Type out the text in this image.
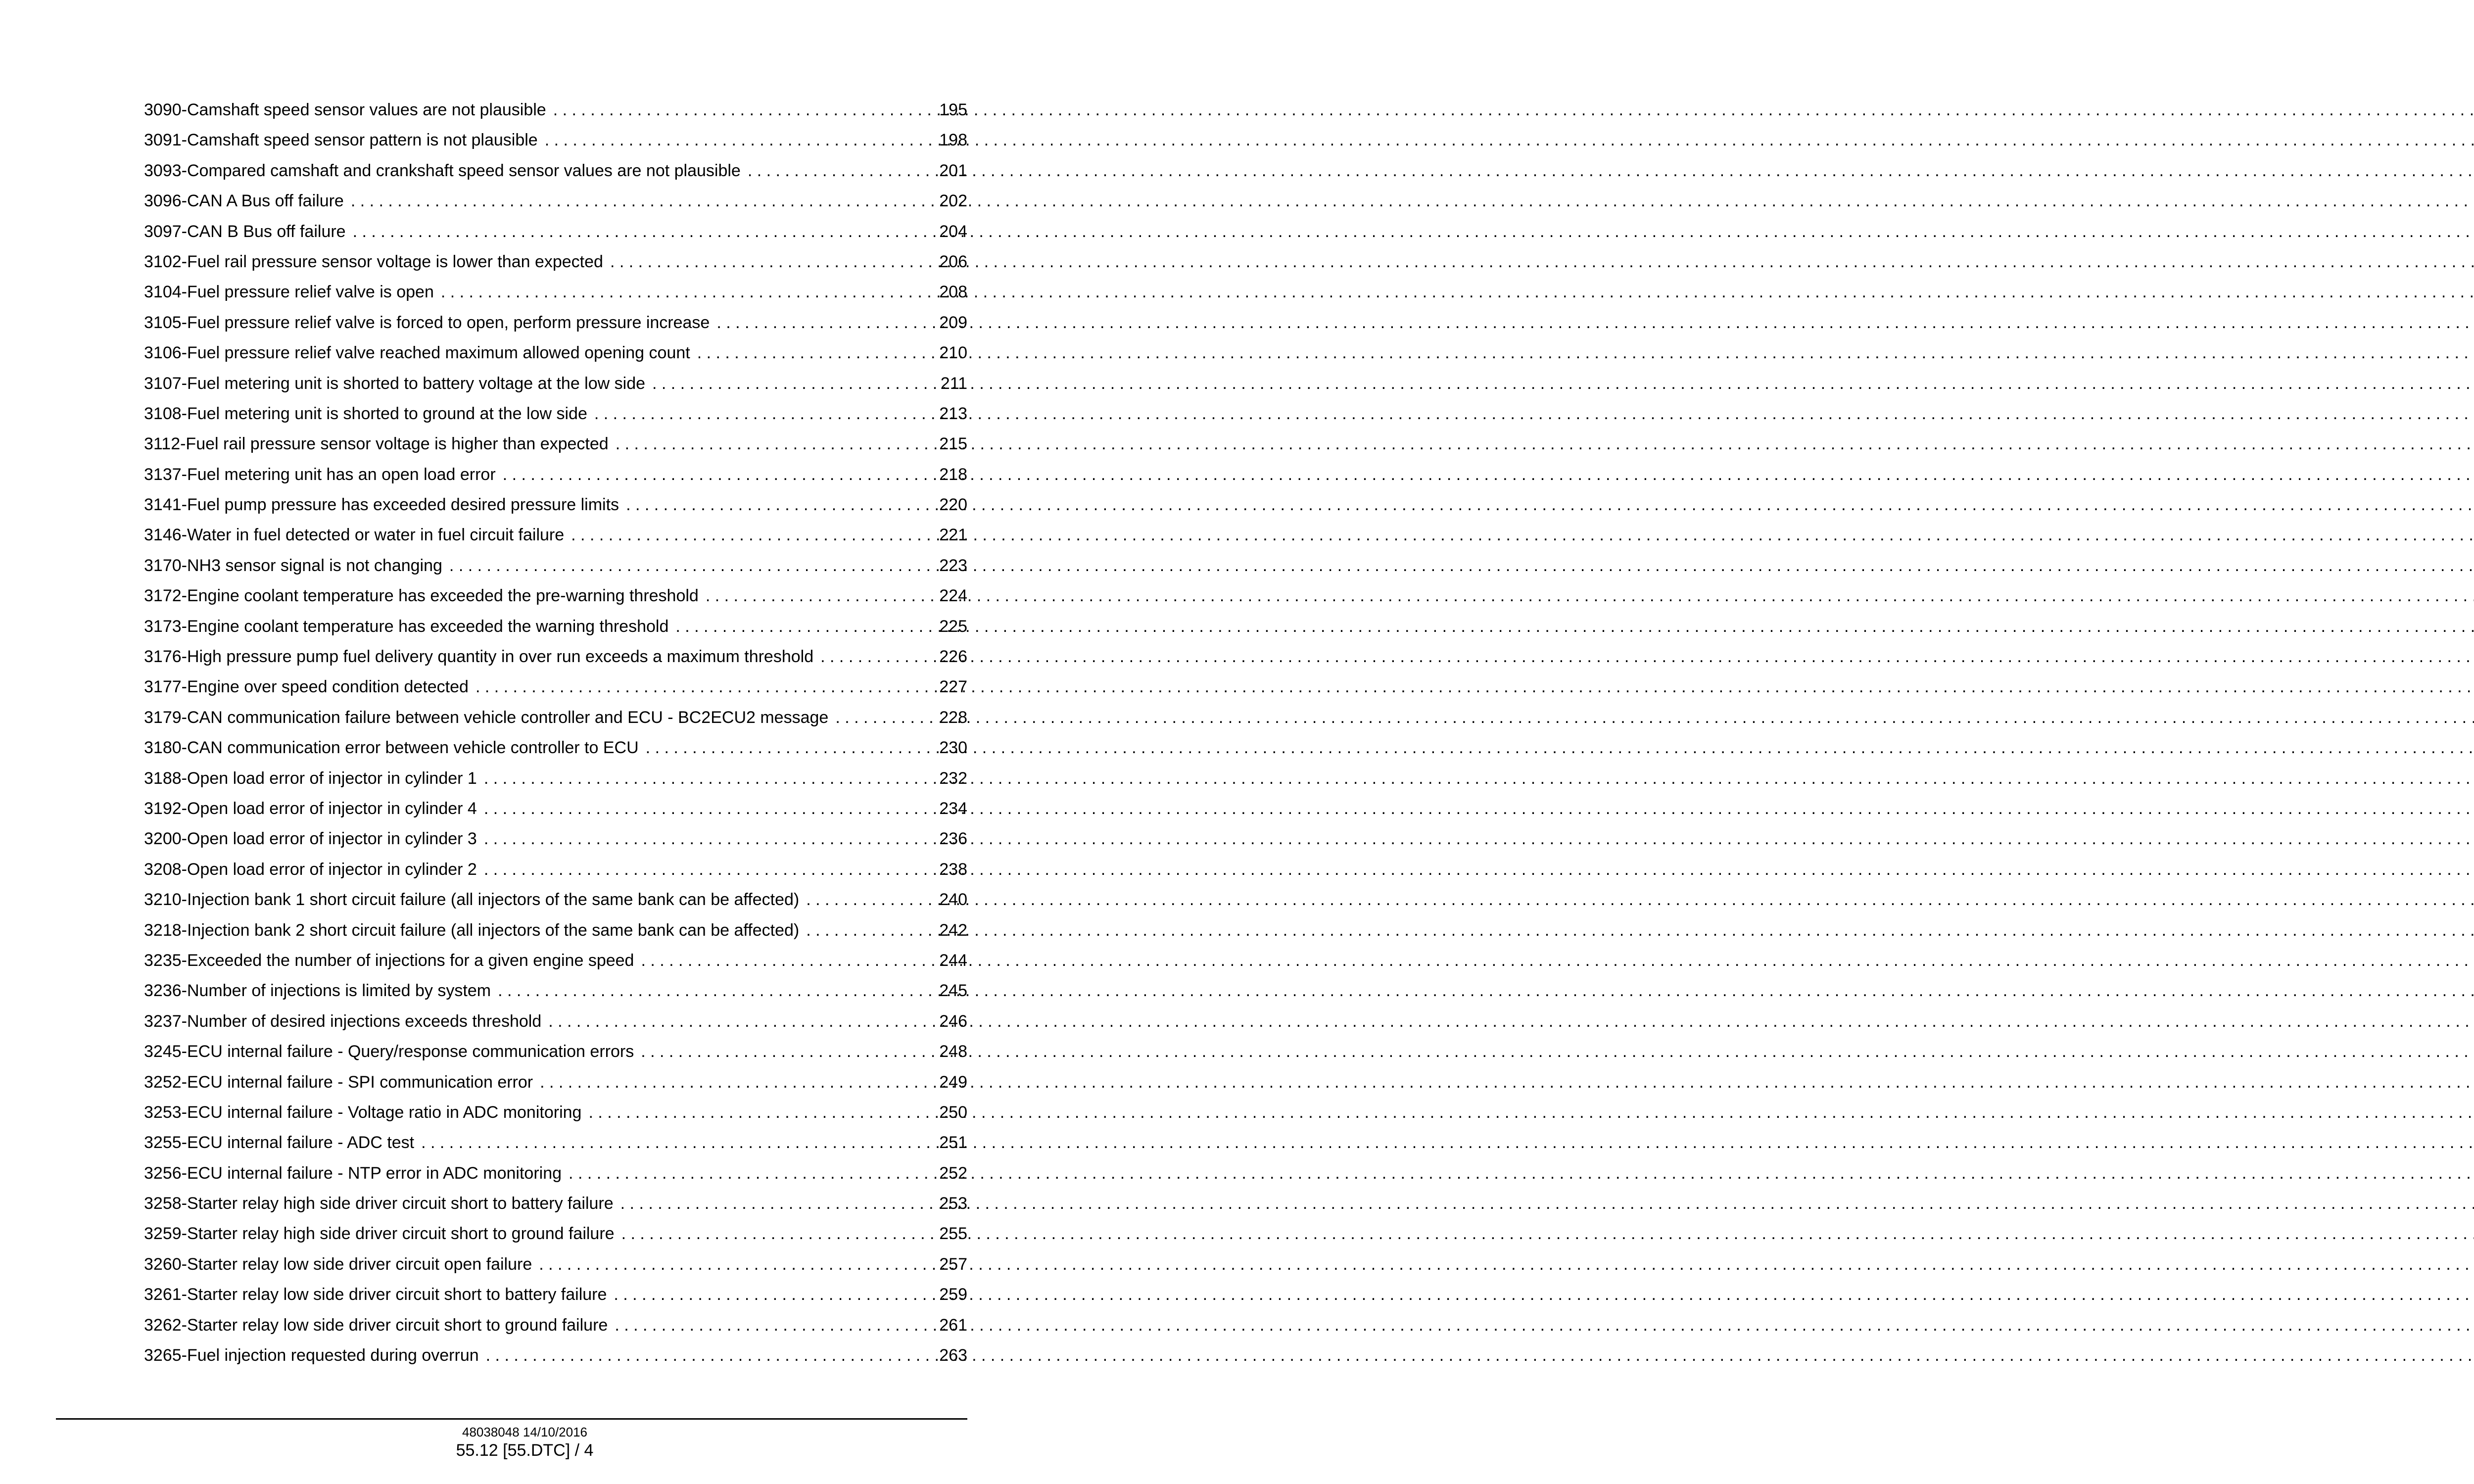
3090-Camshaft speed sensor values are not plausible . . .	195
3091-Camshaft speed sensor pattern is not plausible . . .	198
3093-Compared camshaft and crankshaft speed sensor values are not plausible . . .	201
3096-CAN A Bus off failure . . .	202
3097-CAN B Bus off failure . . .	204
3102-Fuel rail pressure sensor voltage is lower than expected . . .	206
3104-Fuel pressure relief valve is open . . .	208
3105-Fuel pressure relief valve is forced to open, perform pressure increase . . .	209
3106-Fuel pressure relief valve reached maximum allowed opening count . . .	210
3107-Fuel metering unit is shorted to battery voltage at the low side . . .	211
3108-Fuel metering unit is shorted to ground at the low side . . .	213
3112-Fuel rail pressure sensor voltage is higher than expected . . .	215
3137-Fuel metering unit has an open load error . . .	218
3141-Fuel pump pressure has exceeded desired pressure limits . . .	220
3146-Water in fuel detected or water in fuel circuit failure . . .	221
3170-NH3 sensor signal is not changing . . .	223
3172-Engine coolant temperature has exceeded the pre-warning threshold . . .	224
3173-Engine coolant temperature has exceeded the warning threshold . . .	225
3176-High pressure pump fuel delivery quantity in over run exceeds a maximum threshold . . .	226
3177-Engine over speed condition detected . . .	227
3179-CAN communication failure between vehicle controller and ECU - BC2ECU2 message . . .	228
3180-CAN communication error between vehicle controller to ECU . . .	230
3188-Open load error of injector in cylinder 1 . . .	232
3192-Open load error of injector in cylinder 4 . . .	234
3200-Open load error of injector in cylinder 3 . . .	236
3208-Open load error of injector in cylinder 2 . . .	238
3210-Injection bank 1 short circuit failure (all injectors of the same bank can be affected) . . .	240
3218-Injection bank 2 short circuit failure (all injectors of the same bank can be affected) . . .	242
3235-Exceeded the number of injections for a given engine speed . . .	244
3236-Number of injections is limited by system . . .	245
3237-Number of desired injections exceeds threshold . . .	246
3245-ECU internal failure - Query/response communication errors . . .	248
3252-ECU internal failure - SPI communication error . . .	249
3253-ECU internal failure - Voltage ratio in ADC monitoring . . .	250
3255-ECU internal failure - ADC test . . .	251
3256-ECU internal failure - NTP error in ADC monitoring . . .	252
3258-Starter relay high side driver circuit short to battery failure . . .	253
3259-Starter relay high side driver circuit short to ground failure . . .	255
3260-Starter relay low side driver circuit open failure . . .	257
3261-Starter relay low side driver circuit short to battery failure . . .	259
3262-Starter relay low side driver circuit short to ground failure . . .	261
3265-Fuel injection requested during overrun . . .	263
48038048 14/10/2016
55.12 [55.DTC] / 4
